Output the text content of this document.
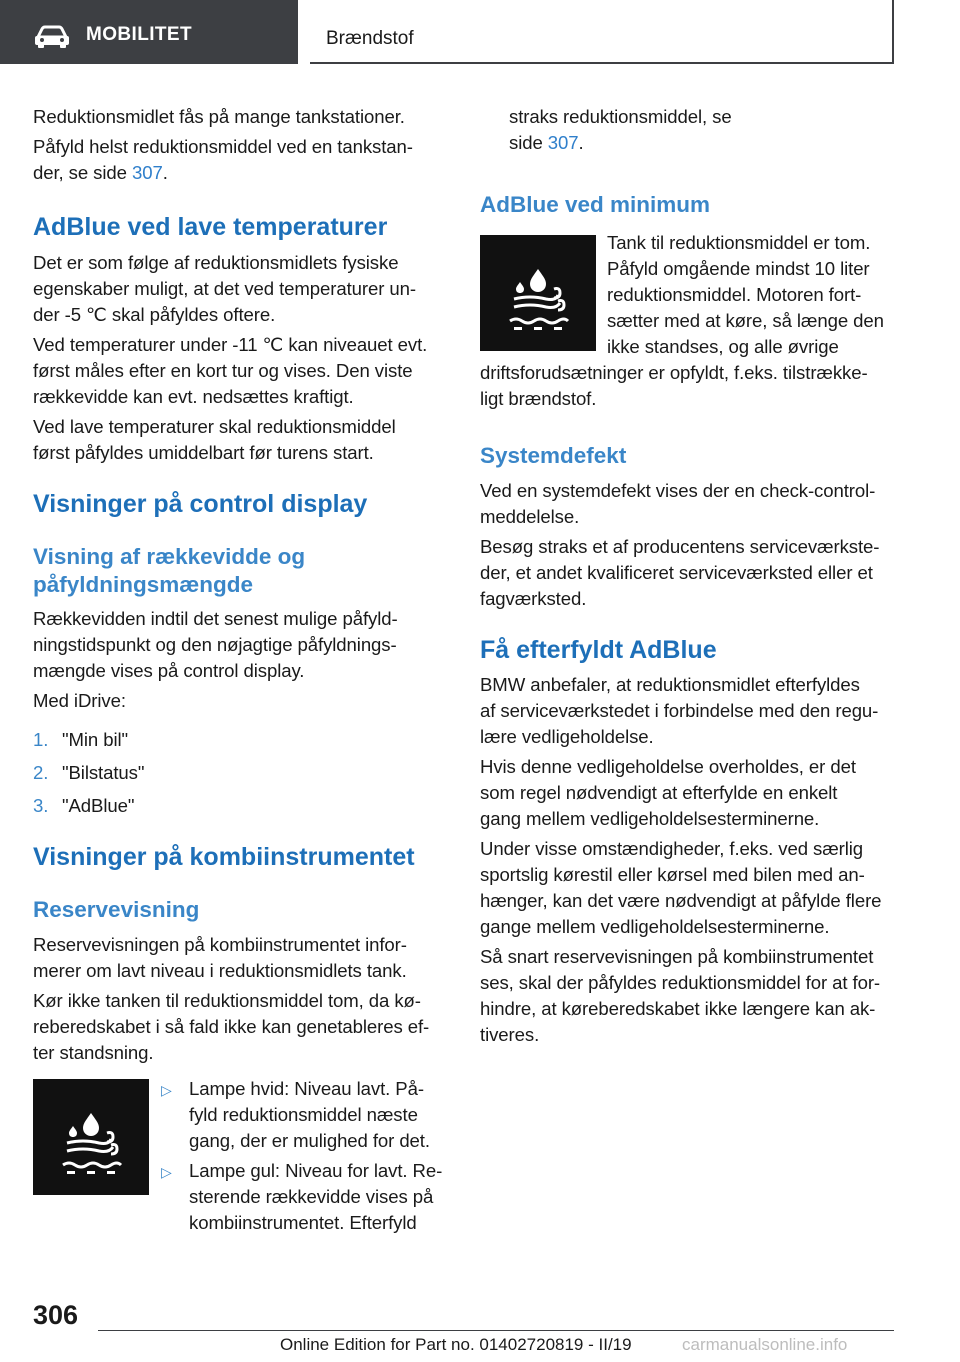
MOBILITET	Brændstof

Reduktionsmidlet fås på mange tankstationer.

Påfyld helst reduktionsmiddel ved en tankstan‐

der, se side 307.

AdBlue ved lave temperaturer

Det er som følge af reduktionsmidlets fysiske

egenskaber muligt, at det ved temperaturer un‐

der -5 ℃ skal påfyldes oftere.

Ved temperaturer under -11 ℃ kan niveauet evt.

først måles efter en kort tur og vises. Den viste

rækkevidde kan evt. nedsættes kraftigt.

Ved lave temperaturer skal reduktionsmiddel

først påfyldes umiddelbart før turens start.

Visninger på control display
Visning af rækkevidde og
påfyldningsmængde

Rækkevidden indtil det senest mulige påfyld‐

ningstidspunkt og den nøjagtige påfyldnings‐

mængde vises på control display.

Med iDrive:

1. "Min bil"

2. "Bilstatus"

3. "AdBlue"

Visninger på kombiinstrumentet
Reservevisning

Reservevisningen på kombiinstrumentet infor‐

merer om lavt niveau i reduktionsmidlets tank.

Kør ikke tanken til reduktionsmiddel tom, da kø‐

reberedskabet i så fald ikke kan genetableres ef‐

ter standsning.

▷ Lampe hvid: Niveau lavt. På‐

fyld reduktionsmiddel næste

gang, der er mulighed for det.

▷ Lampe gul: Niveau for lavt. Re‐

sterende rækkevidde vises på

kombiinstrumentet. Efterfyld

straks reduktionsmiddel, se

side 307.

AdBlue ved minimum

Tank til reduktionsmiddel er tom.

Påfyld omgående mindst 10 liter

reduktionsmiddel. Motoren fort‐

sætter med at køre, så længe den

ikke standses, og alle øvrige

driftsforudsætninger er opfyldt, f.eks. tilstrække‐

ligt brændstof.

Systemdefekt

Ved en systemdefekt vises der en check-control-

meddelelse.

Besøg straks et af producentens serviceværkste‐

der, et andet kvalificeret serviceværksted eller et

fagværksted.

Få efterfyldt AdBlue

BMW anbefaler, at reduktionsmidlet efterfyldes

af serviceværkstedet i forbindelse med den regu‐

lære vedligeholdelse.

Hvis denne vedligeholdelse overholdes, er det

som regel nødvendigt at efterfylde en enkelt

gang mellem vedligeholdelsesterminerne.

Under visse omstændigheder, f.eks. ved særlig

sportslig kørestil eller kørsel med bilen med an‐

hænger, kan det være nødvendigt at påfylde flere

gange mellem vedligeholdelsesterminerne.

Så snart reservevisningen på kombiinstrumentet

ses, skal der påfyldes reduktionsmiddel for at for‐

hindre, at køreberedskabet ikke længere kan ak‐

tiveres.

306
Online Edition for Part no. 01402720819 - II/19	carmanualsonline.info
